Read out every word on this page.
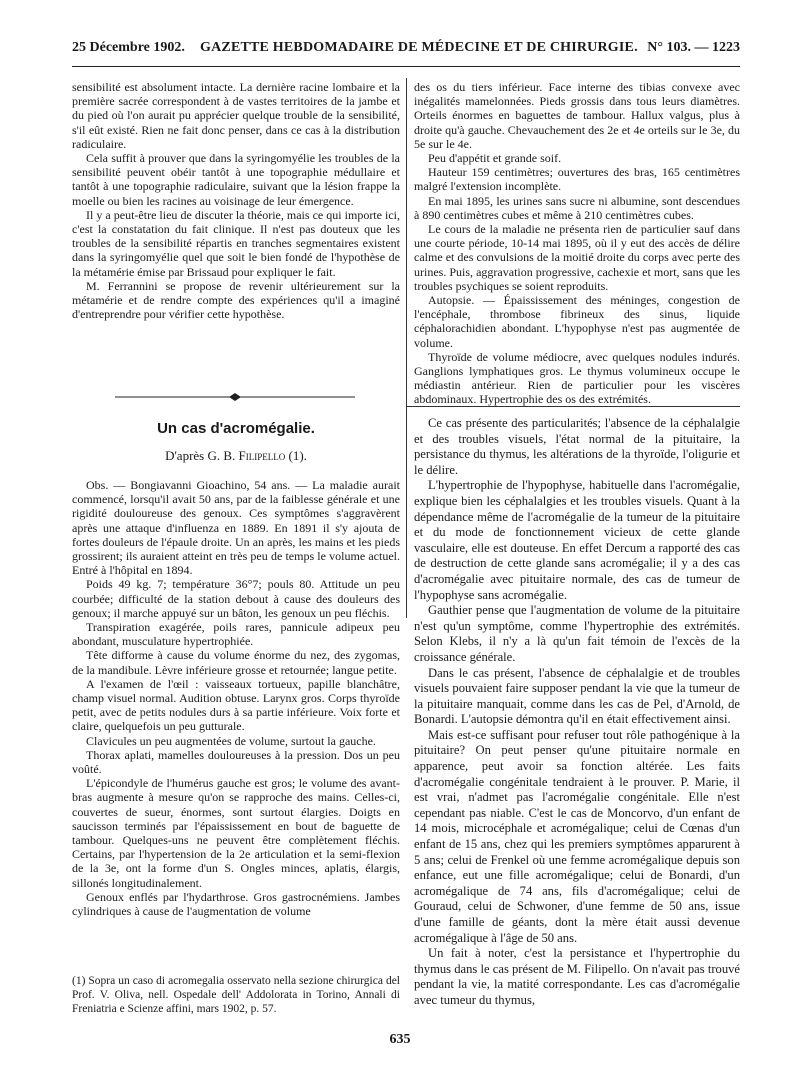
25 Décembre 1902. GAZETTE HEBDOMADAIRE DE MÉDECINE ET DE CHIRURGIE. N° 103. — 1223

sensibilité est absolument intacte. La dernière racine lombaire et la première sacrée correspondent à de vastes territoires de la jambe et du pied où l'on aurait pu apprécier quelque trouble de la sensibilité, s'il eût existé. Rien ne fait donc penser, dans ce cas à la distribution radiculaire.

Cela suffit à prouver que dans la syringomyélie les troubles de la sensibilité peuvent obéir tantôt à une topographie médullaire et tantôt à une topographie radiculaire, suivant que la lésion frappe la moelle ou bien les racines au voisinage de leur émergence.

Il y a peut-être lieu de discuter la théorie, mais ce qui importe ici, c'est la constatation du fait clinique. Il n'est pas douteux que les troubles de la sensibilité répartis en tranches segmentaires existent dans la syringomyélie quel que soit le bien fondé de l'hypothèse de la métamérie émise par Brissaud pour expliquer le fait.

M. Ferrannini se propose de revenir ultérieurement sur la métamérie et de rendre compte des expériences qu'il a imaginé d'entreprendre pour vérifier cette hypothèse.

Un cas d'acromégalie.
D'après G. B. Filipello (1).

Obs. — Bongiavanni Gioachino, 54 ans. — La maladie aurait commencé, lorsqu'il avait 50 ans, par de la faiblesse générale et une rigidité douloureuse des genoux. Ces symptômes s'aggravèrent après une attaque d'influenza en 1889. En 1891 il s'y ajouta de fortes douleurs de l'épaule droite. Un an après, les mains et les pieds grossirent; ils auraient atteint en très peu de temps le volume actuel. Entré à l'hôpital en 1894.

Poids 49 kg. 7; température 36°7; pouls 80. Attitude un peu courbée; difficulté de la station debout à cause des douleurs des genoux; il marche appuyé sur un bâton, les genoux un peu fléchis.

Transpiration exagérée, poils rares, pannicule adipeux peu abondant, musculature hypertrophiée.

Tête difforme à cause du volume énorme du nez, des zygomas, de la mandibule. Lèvre inférieure grosse et retournée; langue petite.

A l'examen de l'œil : vaisseaux tortueux, papille blanchâtre, champ visuel normal. Audition obtuse. Larynx gros. Corps thyroïde petit, avec de petits nodules durs à sa partie inférieure. Voix forte et claire, quelquefois un peu gutturale.

Clavicules un peu augmentées de volume, surtout la gauche.

Thorax aplati, mamelles douloureuses à la pression. Dos un peu voûté.

L'épicondyle de l'humérus gauche est gros; le volume des avant-bras augmente à mesure qu'on se rapproche des mains. Celles-ci, couvertes de sueur, énormes, sont surtout élargies. Doigts en saucisson terminés par l'épaississement en bout de baguette de tambour. Quelques-uns ne peuvent être complètement fléchis. Certains, par l'hypertension de la 2e articulation et la semi-flexion de la 3e, ont la forme d'un S. Ongles minces, aplatis, élargis, sillonés longitudinalement.

Genoux enflés par l'hydarthrose. Gros gastrocnémiens. Jambes cylindriques à cause de l'augmentation de volume

(1) Sopra un caso di acromegalia osservato nella sezione chirurgica del Prof. V. Oliva, nell. Ospedale dell' Addolorata in Torino, Annali di Freniatria e Scienze affini, mars 1902, p. 57.

des os du tiers inférieur. Face interne des tibias convexe avec inégalités mamelonnées. Pieds grossis dans tous leurs diamètres. Orteils énormes en baguettes de tambour. Hallux valgus, plus à droite qu'à gauche. Chevauchement des 2e et 4e orteils sur le 3e, du 5e sur le 4e.

Peu d'appétit et grande soif.

Hauteur 159 centimètres; ouvertures des bras, 165 centimètres malgré l'extension incomplète.

En mai 1895, les urines sans sucre ni albumine, sont descendues à 890 centimètres cubes et même à 210 centimètres cubes.

Le cours de la maladie ne présenta rien de particulier sauf dans une courte période, 10-14 mai 1895, où il y eut des accès de délire calme et des convulsions de la moitié droite du corps avec perte des urines. Puis, aggravation progressive, cachexie et mort, sans que les troubles psychiques se soient reproduits.

Autopsie. — Épaississement des méninges, congestion de l'encéphale, thrombose fibrineux des sinus, liquide céphalorachidien abondant. L'hypophyse n'est pas augmentée de volume.

Thyroïde de volume médiocre, avec quelques nodules indurés. Ganglions lymphatiques gros. Le thymus volumineux occupe le médiastin antérieur. Rien de particulier pour les viscères abdominaux. Hypertrophie des os des extrémités.

Ce cas présente des particularités; l'absence de la céphalalgie et des troubles visuels, l'état normal de la pituitaire, la persistance du thymus, les altérations de la thyroïde, l'oligurie et le délire.

L'hypertrophie de l'hypophyse, habituelle dans l'acromégalie, explique bien les céphalalgies et les troubles visuels. Quant à la dépendance même de l'acromégalie de la tumeur de la pituitaire et du mode de fonctionnement vicieux de cette glande vasculaire, elle est douteuse. En effet Dercum a rapporté des cas de destruction de cette glande sans acromégalie; il y a des cas d'acromégalie avec pituitaire normale, des cas de tumeur de l'hypophyse sans acromégalie.

Gauthier pense que l'augmentation de volume de la pituitaire n'est qu'un symptôme, comme l'hypertrophie des extrémités. Selon Klebs, il n'y a là qu'un fait témoin de l'excès de la croissance générale.

Dans le cas présent, l'absence de céphalalgie et de troubles visuels pouvaient faire supposer pendant la vie que la tumeur de la pituitaire manquait, comme dans les cas de Pel, d'Arnold, de Bonardi. L'autopsie démontra qu'il en était effectivement ainsi.

Mais est-ce suffisant pour refuser tout rôle pathogénique à la pituitaire? On peut penser qu'une pituitaire normale en apparence, peut avoir sa fonction altérée. Les faits d'acromégalie congénitale tendraient à le prouver. P. Marie, il est vrai, n'admet pas l'acromégalie congénitale. Elle n'est cependant pas niable. C'est le cas de Moncorvo, d'un enfant de 14 mois, microcéphale et acromégalique; celui de Cœnas d'un enfant de 15 ans, chez qui les premiers symptômes apparurent à 5 ans; celui de Frenkel où une femme acromégalique depuis son enfance, eut une fille acromégalique; celui de Bonardi, d'un acromégalique de 74 ans, fils d'acromégalique; celui de Gouraud, celui de Schwoner, d'une femme de 50 ans, issue d'une famille de géants, dont la mère était aussi devenue acromégalique à l'âge de 50 ans.

Un fait à noter, c'est la persistance et l'hypertrophie du thymus dans le cas présent de M. Filipello. On n'avait pas trouvé pendant la vie, la matité correspondante. Les cas d'acromégalie avec tumeur du thymus,

635
